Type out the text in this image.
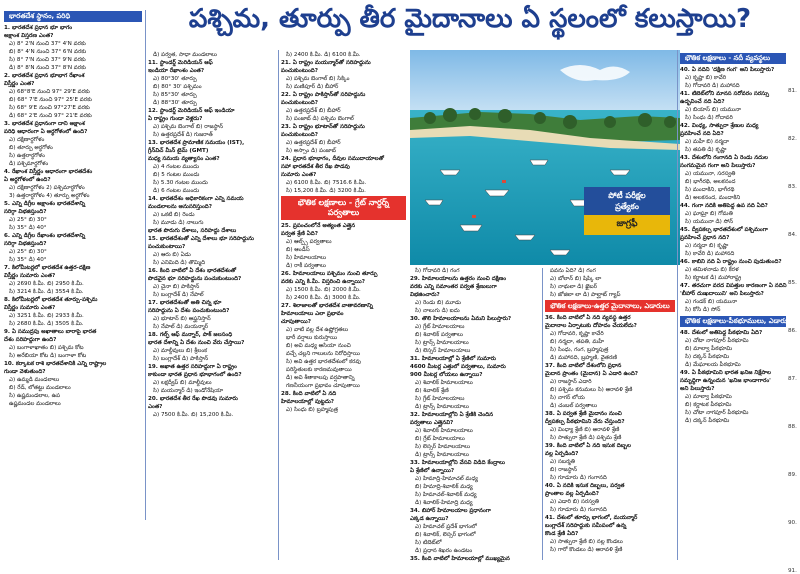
పశ్చిమ, తూర్పు తీర మైదానాలు ఏ స్థలంలో కలుస్తాయి?
భారతదేశ స్థానం, పరిధి

1. భారతదేశ ప్రధాన భూ భాగం

అక్షాంశ విస్తరణ ఎంత?

ఎ) 8° 2'N నుంచి 37° 4'N వరకు

బి) 8° 4'N నుంచి 37° 6'N వరకు

సి) 8° 7'N నుంచి 37° 9'N వరకు

డి) 8° 8'N నుంచి 37° 8'N వరకు

2. భారతదేశ ప్రధాన భూభాగ రేఖాంశ

విస్తీర్ణం ఎంత?

ఎ) 68°8'E నుంచి 97° 29'E వరకు

బి) 68° 7'E నుంచి 97° 25'E వరకు

సి) 68° 9'E నుంచి 97°27'E వరకు

డి) 68° 2'E నుంచి 97° 21'E వరకు

3. భారతదేశ ప్రధానంగా దాని అక్షాంశ

పరిధి ఆధారంగా ఏ అర్ధగోళంలో ఉంది?

ఎ) దక్షిణార్ధగోళం

బి) తూర్పు అర్ధగోళం

సి) ఉత్తరార్ధగోళం

డి) పశ్చిమార్ధగోళం

4. రేఖాంశ విస్తీర్ణం ఆధారంగా భారతదేశం

ఏ అర్ధగోళంలో ఉంది?

ఎ) దక్షిణార్ధగోళం 2) పశ్చిమార్ధగోళం

3) ఉత్తరార్ధగోళం 4) తూర్పు అర్ధగోళం

5. ఎన్ని డిగ్రీల అక్షాంశం భారతదేశాన్ని

సరిగ్గా విభజిస్తుంది?

ఎ) 25° బి) 30°

సి) 35° డి) 40°

6. ఎన్ని డిగ్రీల రేఖాంశం భారతదేశాన్ని

సరిగ్గా విభజిస్తుంది?

ఎ) 25° బి) 30°

సి) 35° డి) 40°

7. కిలోమీటర్లలో భారతదేశ ఉత్తర-దక్షిణ

విస్తీర్ణం సుమారు ఎంత?

ఎ) 2690 కి.మీ. బి) 2950 కి.మీ.

సి) 3214 కి.మీ. డి) 3554 కి.మీ.

8. కిలోమీటర్లలో భారతదేశ తూర్పు-పశ్చిమ

విస్తీర్ణం సుమారు ఎంత?

ఎ) 3251 కి.మీ. బి) 2933 కి.మీ.

సి) 2680 కి.మీ. డి) 3505 కి.మీ.

9. ఏ సముద్రపు అఖాతాలు బారాపై భారత

దేశం సరిహద్దుగా ఉంది?

ఎ) బంగాళాఖాతం బి) పశ్చిమ కోట

సి) అరేబియా కోట డి) బంగాళా కోట

10. కర్కాటక రాశి భారతదేశానికి ఎన్ని రాష్ట్రాల

గుండా వెళుతుంది?

ఎ) ఉమ్మడి మండలాలు

బి) రేడ్, లోతట్టు మండలాలు

సి) ఉష్ణమండలాల, ఉప

ఉష్ణమండల మండలాలు

డి) పర్వత, సాధా మండలాలు

11. స్టాండర్డ్ మెరిడియన్ ఆఫ్

ఇండియా రేఖాంశం ఎంత?

ఎ) 80°30' తూర్పు

బి) 80° 30' పశ్చిమం

సి) 85°30' తూర్పు

డి) 88°30' తూర్పు

12. స్టాండర్డ్ మెరిడియన్ ఆఫ్ ఇండియా

ఏ రాష్ట్రం గుండా వెళ్లదు?

ఎ) పశ్చిమ బెంగాల్ బి) రాజస్థాన్

సి) ఉత్తరప్రదేశ్ డి) గుజరాత్

13. భారతదేశ ప్రామాణిక సమయం (IST),

గ్రీన్‌విచ్ మీన్ టైమ్ (GMT)

మధ్య సమయ వ్యత్యాసం ఎంత?

ఎ) 4 గంటల ముందు

బి) 5 గంటల ముందు

సి) 5.30 గంటల ముందు

డి) 6 గంటల ముందు

14. భారతదేశం అధికారికంగా ఎన్ని సమయ

మండలాలను అనుసరిస్తుంది?

ఎ) ఒకటి బి) రెండు

సి) మూడు డి) నాలుగు

భారత పొరుగు దేశాలు, సరిహద్దు దేశాలు

15. భారతదేశంతో ఎన్ని దేశాలు భూ సరిహద్దును

పంచుకుంటాయి?

ఎ) ఆరు బి) ఏడు

సి) ఎనిమిది డి) తొమ్మిది

16. కింది వాటిలో ఏ దేశం భారతదేశంతో

పొడవైన భూ సరిహద్దును పంచుకుంటుంది?

ఎ) చైనా బి) పాకిస్తాన్

సి) బంగ్లాదేశ్ డి) నేపాల్

17. భారతదేశంతో అతి చిన్న భూ

సరిహద్దును ఏ దేశం పంచుకుంటుంది?

ఎ) భూటాన్ బి) ఆఫ్ఘనిస్తాన్

సి) నేపాల్ డి) మయన్మార్

18. గల్ఫ్ ఆఫ్ మన్నార్, పాక్ జలసంధి

భారత దేశాన్ని ఏ దేశం నుంచి వేరు చేస్తాయి?

ఎ) మాల్దీవులు బి) శ్రీలంక

సి) బంగ్లాదేశ్ డి) పాకిస్తాన్

19. అఖాత ఉత్తర సరిహద్దుగా ఏ రాష్ట్రం

కాకుండా భారత ప్రధాన భూభాగంలో ఉంది?

ఎ) లక్షద్వీప్ బి) మాల్దీవులు

సి) మయన్మార్ డి) ఇండోనేషియా

20. భారతదేశ తీర రేఖ పొడవు సుమారు

ఎంత?

ఎ) 7500 కి.మీ. బి) 15,200 కి.మీ.

సి) 2400 కి.మీ. డి) 6100 కి.మీ.

21. ఏ రాష్ట్రం మయన్మార్‌తో సరిహద్దును

పంచుకుంటుంది?

ఎ) పశ్చిమ బెంగాల్ బి) సిక్కిం

సి) మణిపూర్ డి) బీహార్

22. ఏ రాష్ట్రం పాకిస్తాన్‌తో సరిహద్దును

పంచుకుంటుంది?

ఎ) ఉత్తరప్రదేశ్ బి) బీహార్

సి) పంజాబ్ డి) పశ్చిమ బెంగాల్

23. ఏ రాష్ట్రం భూటాన్‌తో సరిహద్దును

పంచుకుంటుంది?

ఎ) ఉత్తరప్రదేశ్ బి) బీహార్

సి) అస్సాం డి) పంజాబ్

24. ప్రధాన భూభాగం, దీవుల సముదాయాలతో

సహా భారతదేశ తీర రేఖ పొడవు

సుమారు ఎంత?

ఎ) 6100 కి.మీ. బి) 7516.6 కి.మీ.

సి) 15,200 కి.మీ. డి) 3200 కి.మీ.

భౌతిక లక్షణాలు - గ్రేట్ నార్దర్న్ పర్వతాలు

25. ప్రపంచంలోనే అత్యంత ఎత్తైన

పర్వత శ్రేణి ఏది?

ఎ) ఆల్ప్స్ పర్వతాలు

బి) ఆండీస్

సి) హిమాలయాలు

డి) రాకీ పర్వతాలు

26. హిమాలయాలు పశ్చిమం నుంచి తూర్పు

వరకు ఎన్ని కి.మీ. విస్తరించి ఉన్నాయి?

ఎ) 1500 కి.మీ. బి) 2000 కి.మీ.

సి) 2400 కి.మీ. డి) 3000 కి.మీ.

27. శిలాజాలతో భారతదేశ వాతావరణాన్ని

హిమాలయాలు ఎలా ప్రభావం

చూపుతాయి?

ఎ) వాటి వల్ల దేశ ఉష్ణోగ్రతలు

భారీ వర్షాలు కురుస్తాయి

బి) అవి మధ్య ఆసియా నుంచి

వచ్చే చల్లని గాలులను నిరోధిస్తాయి

సి) అవి ఉత్తర భారతదేశంలో కరవు

పరిస్థితులకు కారణమవుతాయి

డి) అవి శీతాకాలపు వర్షపాతాన్ని

గణనీయంగా ప్రభావం చూపుతాయి

28. కింది వాటిలో ఏ నది

హిమాలయాల్లో పుట్టదు?

ఎ) సింధు బి) బ్రహ్మపుత్ర

పోటీ పరీక్షల
ప్రత్యేకం
జాగ్రఫీ

సి) గోదావరి డి) గంగ

29. హిమాలయాలను ఉత్తరం నుంచి దక్షిణం

వరకు ఎన్ని సమాంతర పర్వత శ్రేణులుగా

విభజించారు?

ఎ) రెండు బి) మూడు

సి) నాలుగు డి) ఐదు

30. తొలి హిమాలయాలను ఏమని పిలుస్తారు?

ఎ) గ్రేట్ హిమాలయాలు

బి) శివాలిక్ పర్వతాలు

సి) ట్రాన్స్ హిమాలయాలు

డి) లెస్సర్ హిమాలయాలు

31. హిమాలయాల్లో ఏ శ్రేణిలో సుమారు

4600 మీటర్ల ఎత్తులో పర్వతాలు, సుమారు

900 మీటర్ల లోయలు ఉన్నాయి?

ఎ) శివాలిక్ హిమాలయాలు

బి) శివాలిక్ శ్రేణి

సి) గ్రేట్ హిమాలయాలు

డి) ట్రాన్స్ హిమాలయాలు

32. హిమాలయాల్లోని ఏ శ్రేణికి చెందిన

పర్వతాలు ఎత్తైనవి?

ఎ) శివాలిక్ హిమాలయాలు

బి) గ్రేట్ హిమాలయాలు

సి) లెస్సర్ హిమాలయాలు

డి) ట్రాన్స్ హిమాలయాలు

33. హిమాలయాల్లోని వేసవి విడిది కేంద్రాలు

ఏ శ్రేణిలో ఉన్నాయి?

ఎ) హిమాద్రి-హిమాచల్ మధ్య

బి) హిమాద్రి-శివాలిక్ మధ్య

సి) హిమాచల్-శివాలిక్ మధ్య

డి) శివాలిక్-హిమాద్రి మధ్య

34. బిహార్ హిమాలయాల ప్రధానంగా

ఎక్కడ ఉన్నాయి?

ఎ) హిమాచల్ ప్రదేశ్ భాగంలో

బి) శివాలిక్, లెస్సర్ భాగంలో

సి) టిబెట్‌లో

డి) ప్రధాన శిఖరం ఉండటం

35. కింది వాటిలో హిమాలయాల్లో ముఖ్యమైన

పవను ఏది? డి) గంగ

ఎ) బోలాన్ బి) షిప్కి లా

సి) నాథులా డి) ఖైబర్

సి) జోజిలా లా డి) పాల్ఘాట్ గ్యాప్

భౌతిక లక్షణాలు-ఉత్తర మైదానాలు, ఎడారులు

36. కింది వాటిలో ఏ నది వ్యవస్థ ఉత్తర

మైదానాల ఏర్పాటుకు దోహదం చేయలేదు?

ఎ) గోదావరి, కృష్ణా కావేరి

బి) నర్మదా, తపతి, మహీ

సి) సింధు, గంగ, బ్రహ్మపుత్ర

డి) మహానది, బ్రహ్మణి, వైతరణి

37. కింది వాటిలో దేశంలోని ప్రధాన

మైదాన ప్రాంతం (మైదాన) ఏ ఎడారి ఉంది?

ఎ) రాజస్థాన్ ఎడారి

బి) పశ్చిమ కనుమలు సి) ఆరావళి శ్రేణి

సి) నాగర్ లోయ

డి) చంబల్ పర్వతాలు

38. ఏ పర్వత శ్రేణి మైదానం నుంచి

ద్వీపకల్ప పీఠభూమిని వేరు చేస్తుంది?

ఎ) వింధ్యా శ్రేణి బి) ఆరావళి శ్రేణి

సి) సాత్పురా శ్రేణి డి) పశ్చిమ శ్రేణి

39. కింది వాటిలో ఏ నది ఇసుక దిబ్బల

వల్ల ఏర్పడింది?

ఎ) సబర్మతి

బి) రాజస్థాన్

సి) గూడూరు డి) గంగానది

40. ఏ నదికి ఇసుక దిబ్బలు, పర్వత

ప్రాంతాల వల్ల ఏర్పడింది?

ఎ) ఎడారి బి) సరస్వతి

సి) గూడూరు డి) గంగానది

41. దేశంలో తూర్పు భాగంలో, మయన్మార్

బంగ్లాదేశ్ సరిహద్దుకు సమీపంలో ఉన్న

కొండ శ్రేణి ఏది?

ఎ) సాత్పురా శ్రేణి బి) నల్ల కొండలు

సి) గారో కొండలు డి) ఆరావళి శ్రేణి

భౌతిక లక్షణాలు - నదీ వ్యవస్థలు

40. ఏ నదిని 'దక్షిణ గంగ' అని పిలుస్తారు?

ఎ) కృష్ణా బి) కావేరి

సి) గోదావరి డి) మహానది

41. టిబెట్‌లోని మానస సరోవరం సరస్సు

ఉద్భవించే నది ఏది?

ఎ) బియాస్ బి) యమునా

సి) సింధు డి) గోదావరి

42. వింధ్య, సాత్పురా శ్రేణుల మధ్య

ప్రవహించే నది ఏది?

ఎ) మహీ బి) నర్మదా

సి) తపతి డి) కృష్ణా

43. దేశంలోని గంగానది ఏ రెండు నదుల

సంగమమైన గంగా అని పిలుస్తారు?

ఎ) యమునా, సరస్వతి

బి) భాగీరథి, అలకనంద

సి) మందాకిని, భాగీరథి

డి) అలకనంద, మందాకిని

44. గంగా నదికి అతిపెద్ద ఉప నది ఏది?

ఎ) ఘాఘ్రా బి) గోమతి

సి) యమునా డి) సోన్

45. ద్వీపకల్ప భారతదేశంలో పశ్చిమంగా

ప్రవహించే ప్రధాన నది?

ఎ) నర్మదా బి) కృష్ణా

సి) కావేరి డి) మహానది

46. కాబిని నది ఏ రాష్ట్రం నుంచి పుడుతుంది?

ఎ) తమిళనాడు బి) కేరళ

సి) కర్ణాటక డి) మహారాష్ట్ర

47. తరచుగా వరద విపత్తుల కారణంగా ఏ నదిని

'బీహార్ దుఃఖదాయిని' అని పిలుస్తారు?

ఎ) గండక్ బి) యమునా

సి) కోసి డి) సోన్

భౌతిక లక్షణాలు-పీఠభూములు, ఎడారులు

48. దేశంలో అతిపెద్ద పీఠభూమి ఏది?

ఎ) చోటా నాగపూర్ పీఠభూమి

బి) మాల్వా పీఠభూమి

సి) దక్కన్ పీఠభూమి

డి) మేఘాలయ పీఠభూమి

49. ఏ పీఠభూమిని భారత ఖనిజ నిక్షేపాల

సమృద్ధిగా ఉన్నందున 'ఖనిజ భాండాగారం'

అని పిలుస్తారు?

ఎ) మాల్వా పీఠభూమి

బి) కర్ణాటక పీఠభూమి

సి) చోటా నాగపూర్ పీఠభూమి

డి) దక్కన్ పీఠభూమి

81.
82.
83.
84.
85.
86.
87.
88.
89.
90.
91.
